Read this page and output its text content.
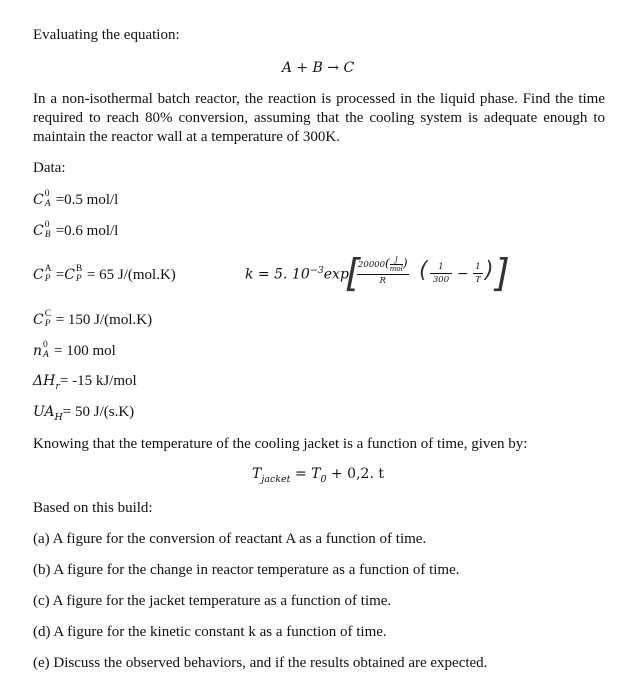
Evaluating the equation:
A + B → C
In a non-isothermal batch reactor, the reaction is processed in the liquid phase. Find the time required to reach 80% conversion, assuming that the cooling system is adequate enough to maintain the reactor wall at a temperature of 300K.
Data:
C 0
A =0.5 mol/l
C 0
B =0.6 mol/l
C A
P =C B
P = 65 J/(mol.K)	k = 5. $10^{-3}\exp$
[
20000( J
mol )
R	( $\frac{1}{300} - \frac{1}{T}$ ) ]
C C
P = 150 J/(mol.K)
n 0
A = 100 mol
$\Delta H_r= -15$ kJ/mol
$UA_H= 50$ J/(s.K)
Knowing that the temperature of the cooling jacket is a function of time, given by:
$T_{jacket} = T_0 + 0,2$. t
Based on this build:
(a) A figure for the conversion of reactant A as a function of time.
(b) A figure for the change in reactor temperature as a function of time.
(c) A figure for the jacket temperature as a function of time.
(d) A figure for the kinetic constant k as a function of time.
(e) Discuss the observed behaviors, and if the results obtained are expected.
